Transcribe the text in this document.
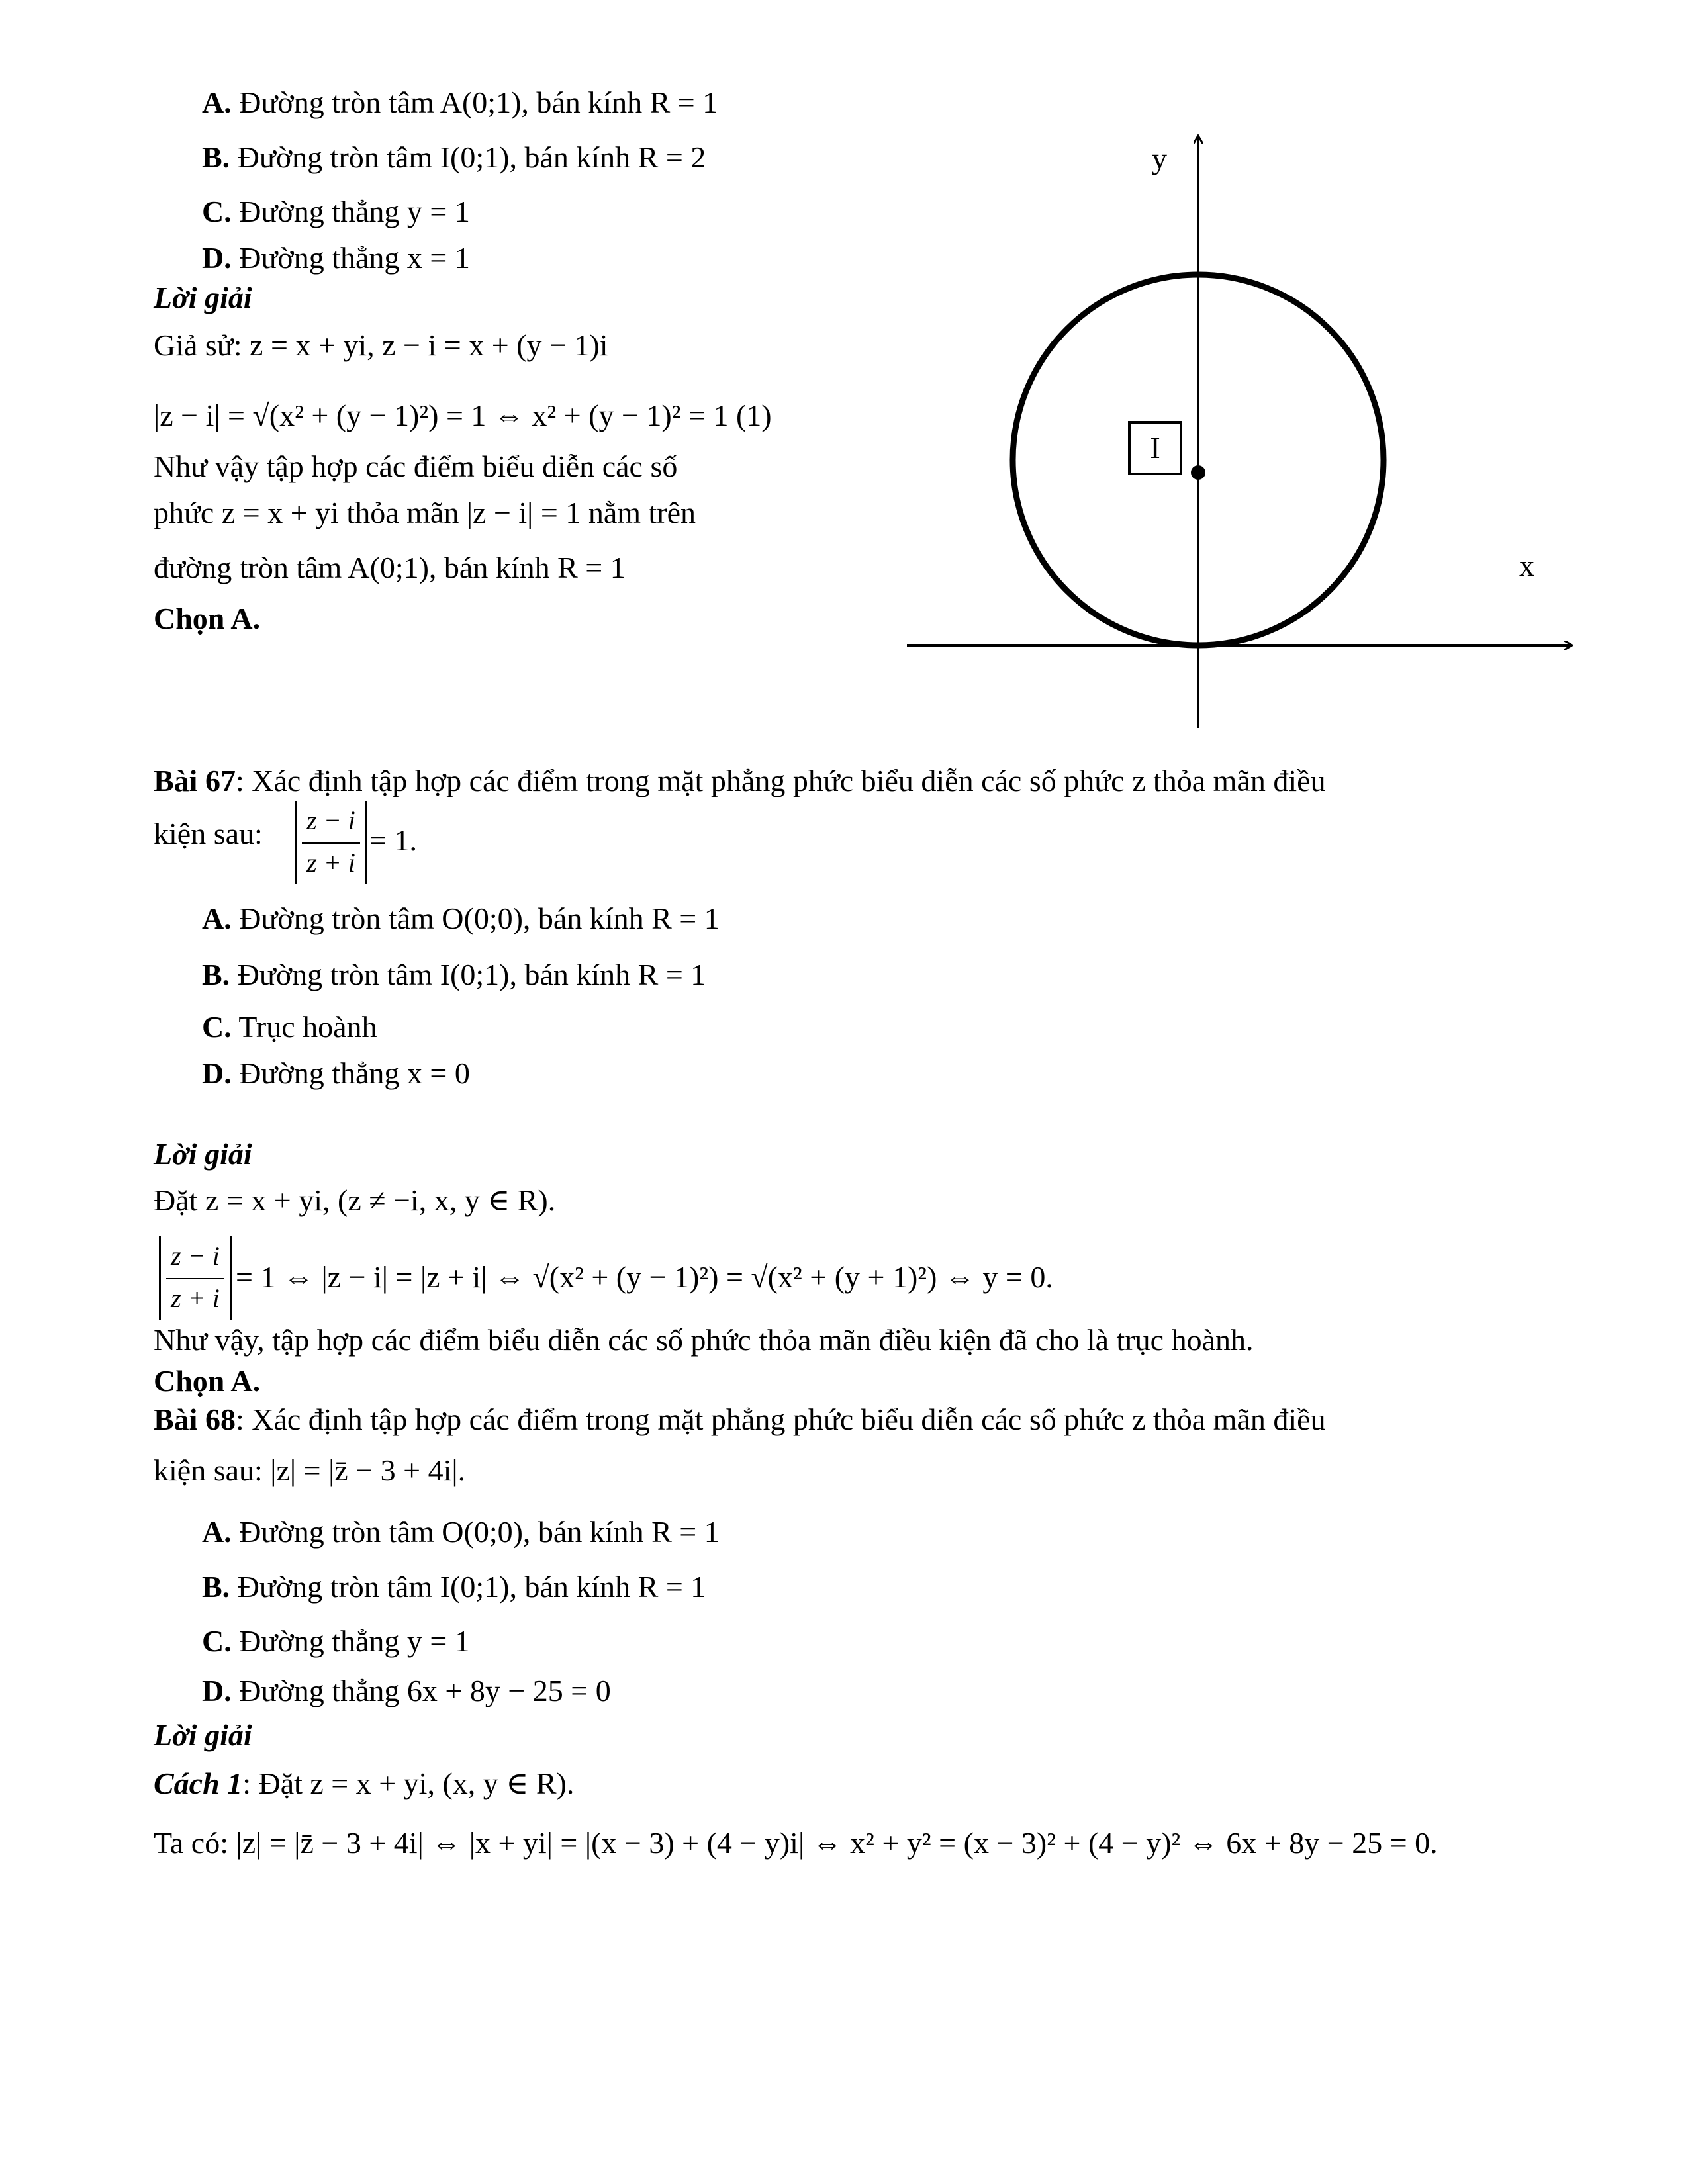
A. Đường tròn tâm A(0;1), bán kính R = 1
B. Đường tròn tâm I(0;1), bán kính R = 2
C. Đường thẳng y = 1
D. Đường thẳng x = 1
Lời giải
Giả sử: z = x + yi, z − i = x + (y − 1)i
|z − i| = √(x² + (y − 1)²) = 1 ⇔ x² + (y − 1)² = 1 (1)
Như vậy tập hợp các điểm biểu diễn các số
phức z = x + yi thỏa mãn |z − i| = 1 nằm trên
đường tròn tâm A(0;1), bán kính R = 1
Chọn A.
I
y
x
Bài 67: Xác định tập hợp các điểm trong mặt phẳng phức biểu diễn các số phức z thỏa mãn điều
kiện sau:	z − i
z + i
= 1.
A. Đường tròn tâm O(0;0), bán kính R = 1
B. Đường tròn tâm I(0;1), bán kính R = 1
C. Trục hoành
D. Đường thẳng x = 0
Lời giải
Đặt z = x + yi, (z ≠ −i, x, y ∈ R).
z − i
z + i
= 1 ⇔ |z − i| = |z + i| ⇔ √(x² + (y − 1)²) = √(x² + (y + 1)²) ⇔ y = 0.
Như vậy, tập hợp các điểm biểu diễn các số phức thỏa mãn điều kiện đã cho là trục hoành.
Chọn A.
Bài 68: Xác định tập hợp các điểm trong mặt phẳng phức biểu diễn các số phức z thỏa mãn điều
kiện sau: |z| = |z̄ − 3 + 4i|.
A. Đường tròn tâm O(0;0), bán kính R = 1
B. Đường tròn tâm I(0;1), bán kính R = 1
C. Đường thẳng y = 1
D. Đường thẳng 6x + 8y − 25 = 0
Lời giải
Cách 1: Đặt z = x + yi, (x, y ∈ R).
Ta có: |z| = |z̄ − 3 + 4i| ⇔ |x + yi| = |(x − 3) + (4 − y)i| ⇔ x² + y² = (x − 3)² + (4 − y)² ⇔ 6x + 8y − 25 = 0.
